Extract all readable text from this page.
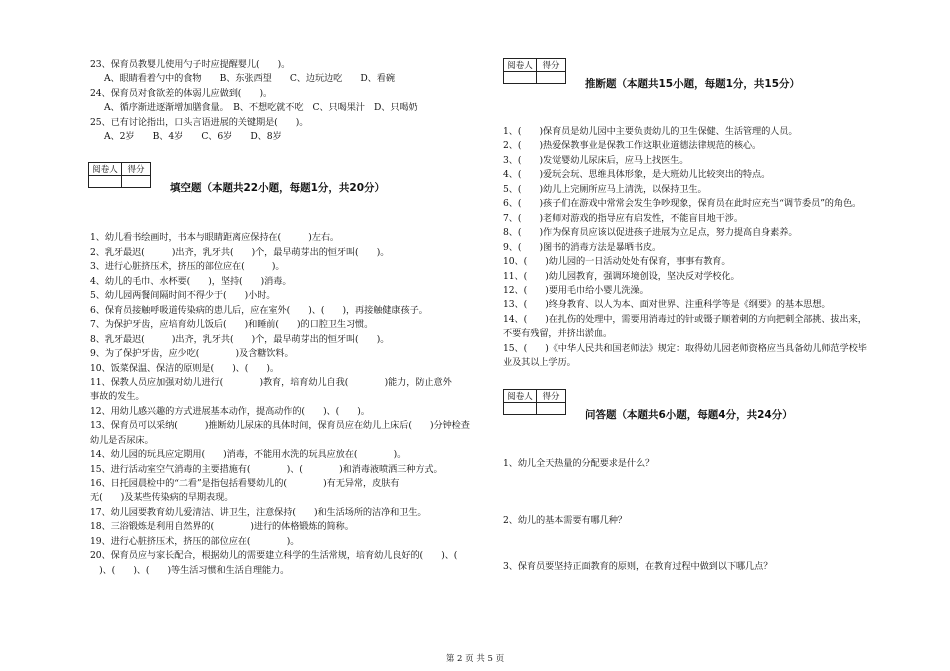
23、保育员教婴儿使用勺子时应提醒婴儿(　　)。
A、眼睛看着勺中的食物　　B、东张西望　　C、边玩边吃　　D、看碗
24、保育员对食欲差的体弱儿应做到(　　)。
A、循序渐进逐渐增加膳食量。　B、不想吃就不吃　C、只喝果汁　D、只喝奶
25、已有讨论指出，口头言语进展的关键期是(　　)。
A、2岁　　B、4岁　　C、6岁　　D、8岁
阅卷人	得分

填空题（本题共22小题，每题1分，共20分）
1、幼儿看书绘画时，书本与眼睛距离应保持在(　　　)左右。
2、乳牙最迟(　　　)出齐，乳牙共(　　)个，最早萌芽出的恒牙叫(　　)。
3、进行心脏挤压术，挤压的部位应在(　　　)。
4、幼儿的毛巾、水杯要(　　)，坚持(　　)消毒。
5、幼儿园两餐间隔时间不得少于(　　)小时。
6、保育员接触呼吸道传染病的患儿后，应在室外(　　)、(　　)，再接触健康孩子。
7、为保护牙齿，应培育幼儿饭后(　　)和睡前(　　)的口腔卫生习惯。
8、乳牙最迟(　　　)出齐，乳牙共(　　)个，最早萌芽出的恒牙叫(　　)。
9、为了保护牙齿，应少吃(　　　　)及含糖饮料。
10、饭菜保温、保洁的原则是(　　)、(　　)。
11、保教人员应加强对幼儿进行(　　　　)教育，培育幼儿自我(　　　　)能力，防止意外
事故的发生。
12、用幼儿感兴趣的方式进展基本动作，提高动作的(　　)、(　　)。
13、保育员可以采纳(　　　)推断幼儿尿床的具体时间，保育员应在幼儿上床后(　　)分钟检查
幼儿是否尿床。
14、幼儿园的玩具应定期用(　　)消毒，不能用水洗的玩具应放在(　　　　)。
15、进行活动室空气消毒的主要措施有(　　　　)、(　　　　)和消毒液喷洒三种方式。
16、日托园晨检中的“二看”是指包括看婴幼儿的(　　　　)有无异常，皮肤有
无(　　)及某些传染病的早期表现。
17、幼儿园要教育幼儿爱清洁、讲卫生，注意保持(　　)和生活场所的洁净和卫生。
18、三浴锻炼是利用自然界的(　　　　)进行的体格锻炼的简称。
19、进行心脏挤压术，挤压的部位应在(　　　　)。
20、保育员应与家长配合，根据幼儿的需要建立科学的生活常规，培育幼儿良好的(　　)、(
　)、(　　)、(　　)等生活习惯和生活自理能力。
阅卷人	得分

推断题（本题共15小题，每题1分，共15分）
1、(　　)保育员是幼儿园中主要负责幼儿的卫生保健、生活管理的人员。
2、(　　)热爱保教事业是保教工作这职业道德法律规范的核心。
3、(　　)发觉婴幼儿尿床后，应马上找医生。
4、(　　)爱玩会玩、思维具体形象，是大班幼儿比较突出的特点。
5、(　　)幼儿上完厕所应马上清洗，以保持卫生。
6、(　　)孩子们在游戏中常常会发生争吵现象，保育员在此时应充当“调节委员”的角色。
7、(　　)老师对游戏的指导应有启发性，不能盲目地干涉。
8、(　　)作为保育员应该以促进孩子进展为立足点，努力提高自身素养。
9、(　　)图书的消毒方法是暴晒书皮。
10、(　　)幼儿园的一日活动处处有保育，事事有教育。
11、(　　)幼儿园教育，强调环境创设，坚决反对学校化。
12、(　　)要用毛巾给小婴儿洗澡。
13、(　　)终身教育、以人为本、面对世界、注重科学等是《纲要》的基本思想。
14、(　　)在扎伤的处理中，需要用消毒过的针或镊子顺着刺的方向把刺全部挑、拔出来，
不要有残留，并挤出淤血。
15、(　　)《中华人民共和国老师法》规定：取得幼儿园老师资格应当具备幼儿师范学校毕
业及其以上学历。
阅卷人	得分

问答题（本题共6小题，每题4分，共24分）
1、幼儿全天热量的分配要求是什么？
2、幼儿的基本需要有哪几种？
3、保育员要坚持正面教育的原则，在教育过程中做到以下哪几点？
第 2 页 共 5 页
